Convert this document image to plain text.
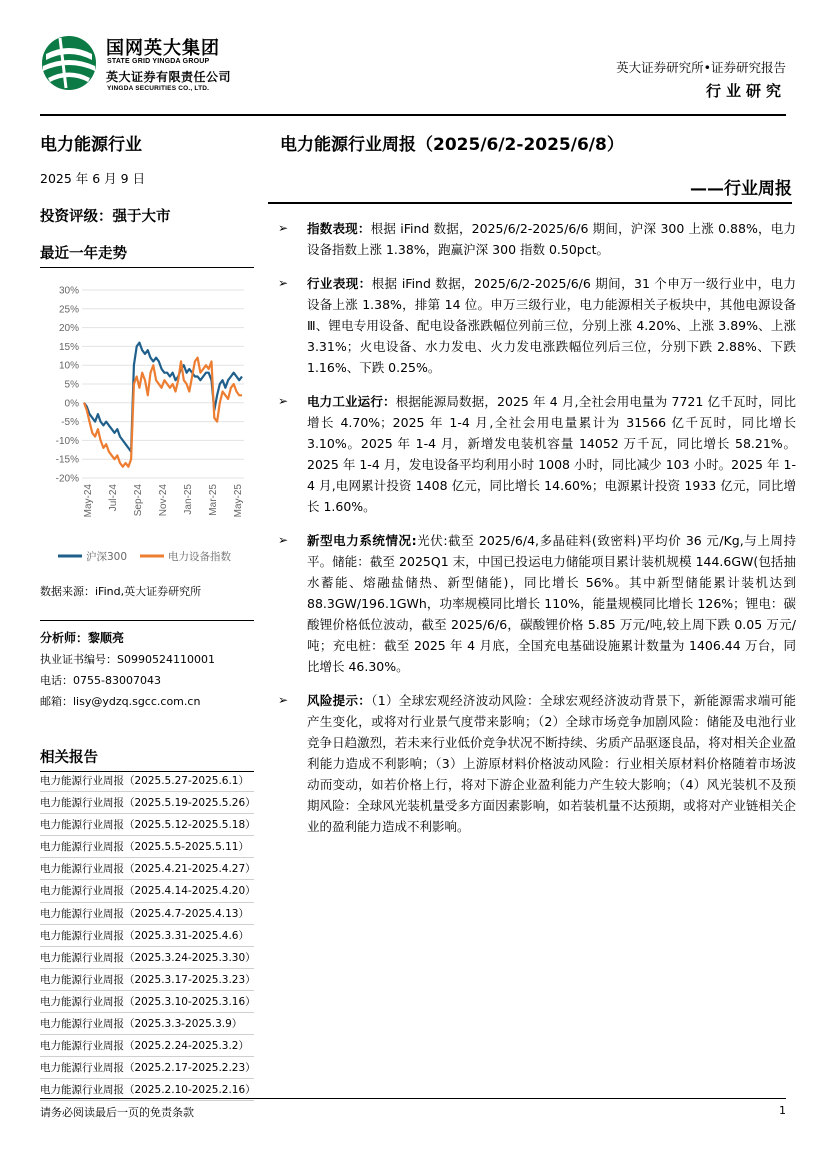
国网英大集团
STATE GRID YINGDA GROUP
英大证券有限责任公司
YINGDA SECURITIES CO., LTD.
英大证券研究所•证券研究报告
行业研究
电力能源行业
2025 年 6 月 9 日
投资评级：强于大市
最近一年走势
30%
25%
20%
15%
10%
5%
0%
-5%
-10%
-15%
-20%
May-24 Jul-24 Sep-24 Nov-24 Jan-25 Mar-25 May-25
沪深300	电力设备指数
数据来源：iFind,英大证券研究所
分析师：黎顺亮
执业证书编号：S0990524110001
电话：0755-83007043
邮箱：lisy@ydzq.sgcc.com.cn
相关报告
电力能源行业周报（2025.5.27-2025.6.1）
电力能源行业周报（2025.5.19-2025.5.26）
电力能源行业周报（2025.5.12-2025.5.18）
电力能源行业周报（2025.5.5-2025.5.11）
电力能源行业周报（2025.4.21-2025.4.27）
电力能源行业周报（2025.4.14-2025.4.20）
电力能源行业周报（2025.4.7-2025.4.13）
电力能源行业周报（2025.3.31-2025.4.6）
电力能源行业周报（2025.3.24-2025.3.30）
电力能源行业周报（2025.3.17-2025.3.23）
电力能源行业周报（2025.3.10-2025.3.16）
电力能源行业周报（2025.3.3-2025.3.9）
电力能源行业周报（2025.2.24-2025.3.2）
电力能源行业周报（2025.2.17-2025.2.23）
电力能源行业周报（2025.2.10-2025.2.16）
电力能源行业周报（2025/6/2-2025/6/8）
——行业周报
➢ 指数表现：根据 iFind 数据，2025/6/2-2025/6/6 期间，沪深 300 上涨 0.88%，电力设备指数上涨 1.38%，跑赢沪深 300 指数 0.50pct。
➢ 行业表现：根据 iFind 数据，2025/6/2-2025/6/6 期间，31 个申万一级行业中，电力设备上涨 1.38%，排第 14 位。申万三级行业，电力能源相关子板块中，其他电源设备Ⅲ、锂电专用设备、配电设备涨跌幅位列前三位，分别上涨 4.20%、上涨 3.89%、上涨 3.31%；火电设备、水力发电、火力发电涨跌幅位列后三位，分别下跌 2.88%、下跌 1.16%、下跌 0.25%。
➢ 电力工业运行：根据能源局数据，2025 年 4 月,全社会用电量为 7721 亿千瓦时，同比增长 4.70%；2025 年 1-4 月,全社会用电量累计为 31566 亿千瓦时，同比增长 3.10%。2025 年 1-4 月，新增发电装机容量 14052 万千瓦，同比增长 58.21%。2025 年 1-4 月，发电设备平均利用小时 1008 小时，同比减少 103 小时。2025 年 1-4 月,电网累计投资 1408 亿元，同比增长 14.60%；电源累计投资 1933 亿元，同比增长 1.60%。
➢ 新型电力系统情况:光伏:截至 2025/6/4,多晶硅料(致密料)平均价 36 元/Kg,与上周持平。储能：截至 2025Q1 末，中国已投运电力储能项目累计装机规模 144.6GW(包括抽水蓄能、熔融盐储热、新型储能)，同比增长 56%。其中新型储能累计装机达到 88.3GW/196.1GWh，功率规模同比增长 110%，能量规模同比增长 126%；锂电：碳酸锂价格低位波动，截至 2025/6/6，碳酸锂价格 5.85 万元/吨,较上周下跌 0.05 万元/吨；充电桩：截至 2025 年 4 月底，全国充电基础设施累计数量为 1406.44 万台，同比增长 46.30%。
➢ 风险提示：（1）全球宏观经济波动风险：全球宏观经济波动背景下，新能源需求端可能产生变化，或将对行业景气度带来影响；（2）全球市场竞争加剧风险：储能及电池行业竞争日趋激烈，若未来行业低价竞争状况不断持续、劣质产品驱逐良品，将对相关企业盈利能力造成不利影响；（3）上游原材料价格波动风险：行业相关原材料价格随着市场波动而变动，如若价格上行，将对下游企业盈利能力产生较大影响；（4）风光装机不及预期风险：全球风光装机量受多方面因素影响，如若装机量不达预期，或将对产业链相关企业的盈利能力造成不利影响。
请务必阅读最后一页的免责条款	1
